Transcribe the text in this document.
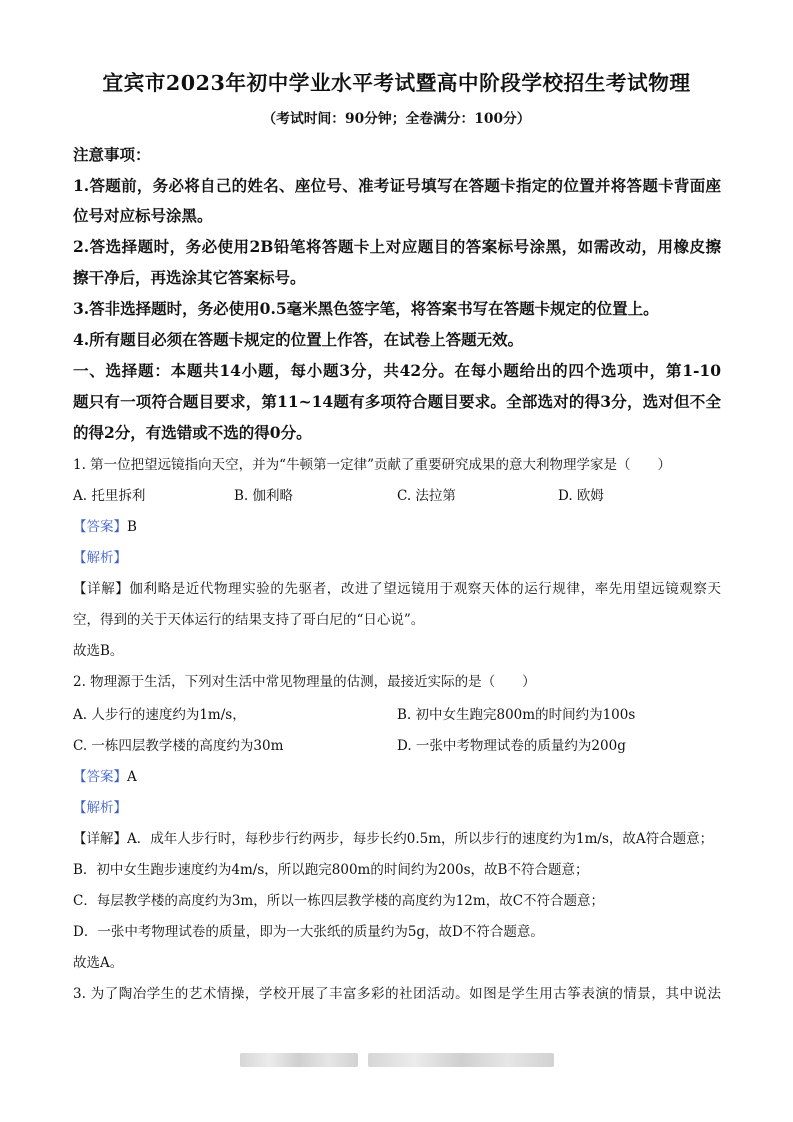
宜宾市2023年初中学业水平考试暨高中阶段学校招生考试物理
（考试时间：90分钟；全卷满分：100分）
注意事项：
1.答题前，务必将自己的姓名、座位号、准考证号填写在答题卡指定的位置并将答题卡背面座
位号对应标号涂黑。
2.答选择题时，务必使用2B铅笔将答题卡上对应题目的答案标号涂黑，如需改动，用橡皮擦
擦干净后，再选涂其它答案标号。
3.答非选择题时，务必使用0.5毫米黑色签字笔，将答案书写在答题卡规定的位置上。
4.所有题目必须在答题卡规定的位置上作答，在试卷上答题无效。
一、选择题：本题共14小题，每小题3分，共42分。在每小题给出的四个选项中，第1-10
题只有一项符合题目要求，第11~14题有多项符合题目要求。全部选对的得3分，选对但不全
的得2分，有选错或不选的得0分。
1. 第一位把望远镜指向天空，并为“牛顿第一定律”贡献了重要研究成果的意大利物理学家是（　　）
A. 托里拆利	B. 伽利略	C. 法拉第	D. 欧姆
【答案】B
【解析】
【详解】伽利略是近代物理实验的先驱者，改进了望远镜用于观察天体的运行规律，率先用望远镜观察天
空，得到的关于天体运行的结果支持了哥白尼的“日心说”。
故选B。
2. 物理源于生活，下列对生活中常见物理量的估测，最接近实际的是（　　）
A. 人步行的速度约为1m/s，	B. 初中女生跑完800m的时间约为100s
C. 一栋四层教学楼的高度约为30m	D. 一张中考物理试卷的质量约为200g
【答案】A
【解析】
【详解】A．成年人步行时，每秒步行约两步，每步长约0.5m，所以步行的速度约为1m/s，故A符合题意；
B．初中女生跑步速度约为4m/s，所以跑完800m的时间约为200s，故B不符合题意；
C．每层教学楼的高度约为3m，所以一栋四层教学楼的高度约为12m，故C不符合题意；
D．一张中考物理试卷的质量，即为一大张纸的质量约为5g，故D不符合题意。
故选A。
3. 为了陶冶学生的艺术情操，学校开展了丰富多彩的社团活动。如图是学生用古筝表演的情景，其中说法
